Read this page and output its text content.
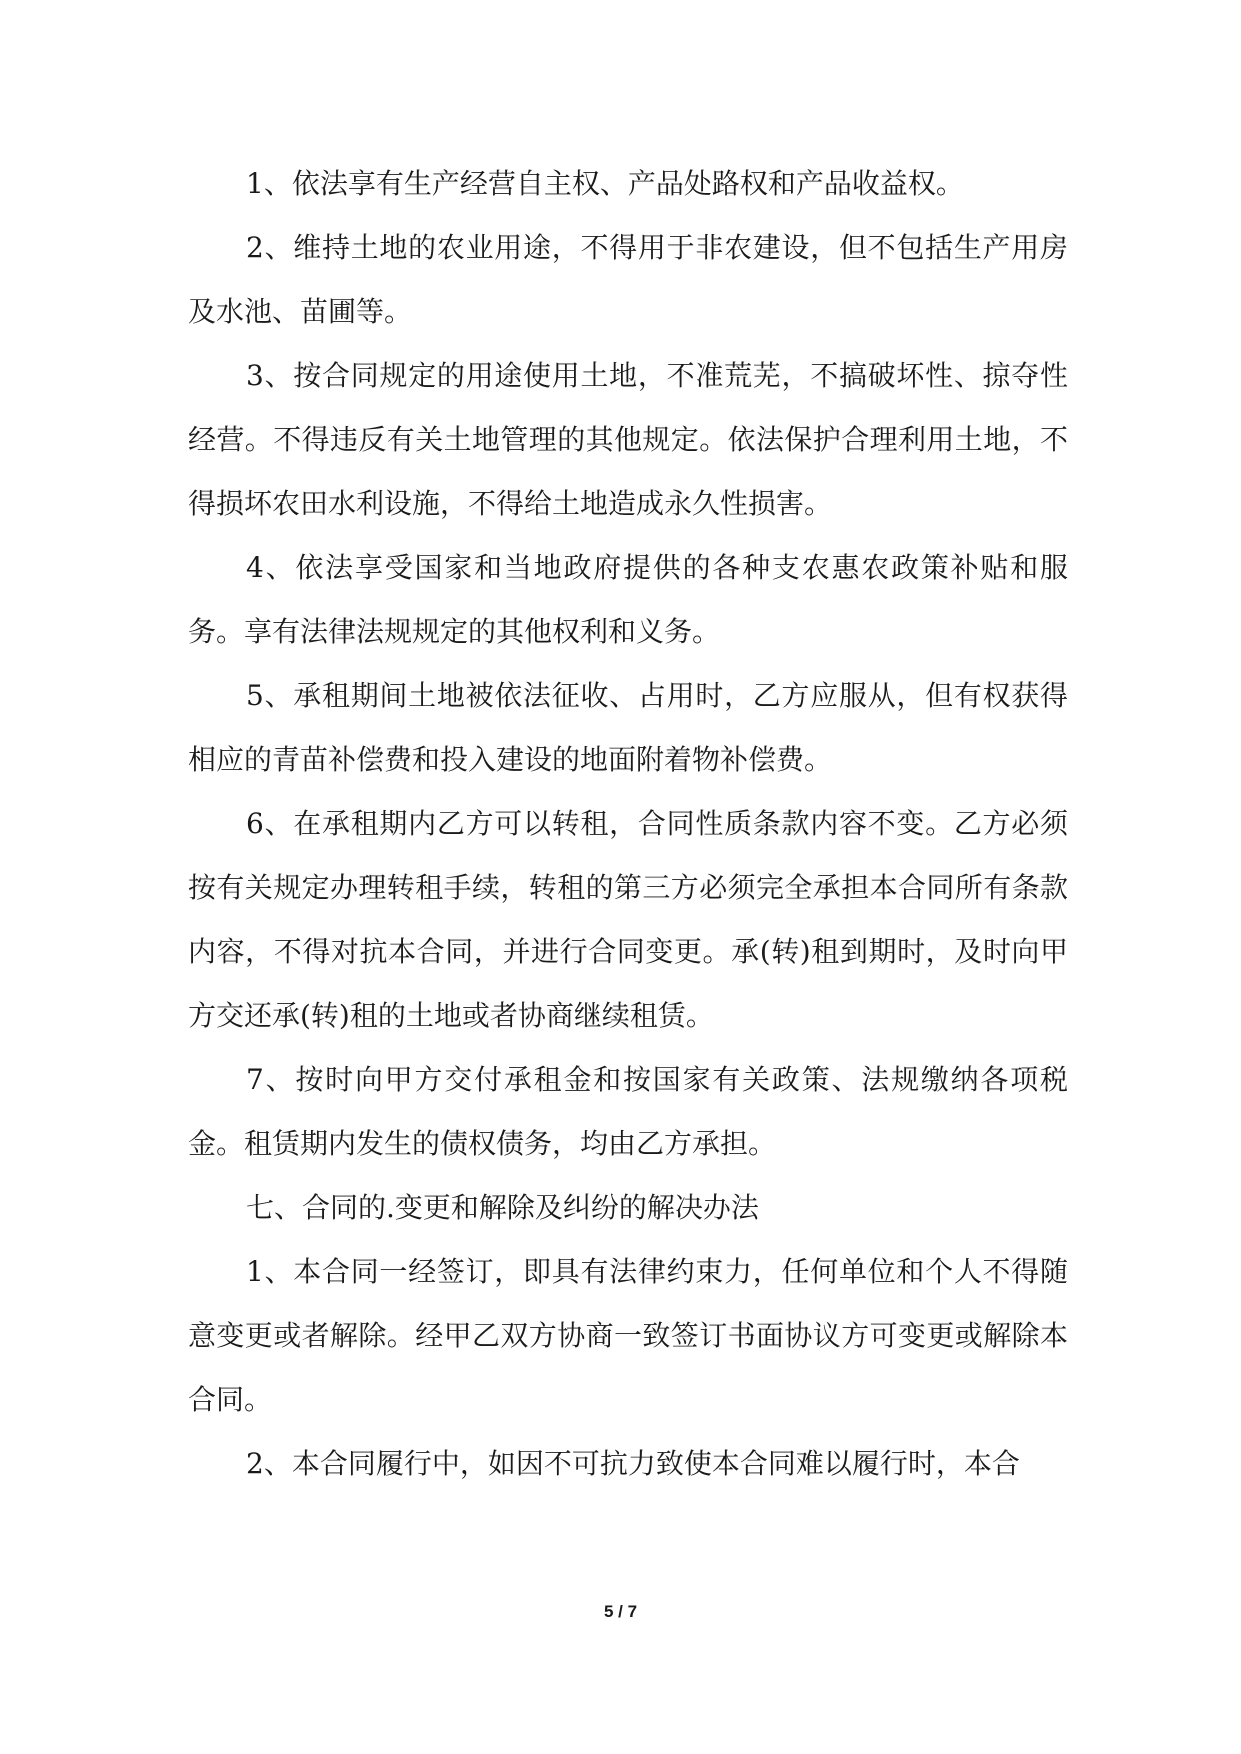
1、依法享有生产经营自主权、产品处路权和产品收益权。

2、维持土地的农业用途，不得用于非农建设，但不包括生产用房及水池、苗圃等。

3、按合同规定的用途使用土地，不准荒芜，不搞破坏性、掠夺性经营。不得违反有关土地管理的其他规定。依法保护合理利用土地，不得损坏农田水利设施，不得给土地造成永久性损害。

4、依法享受国家和当地政府提供的各种支农惠农政策补贴和服务。享有法律法规规定的其他权利和义务。

5、承租期间土地被依法征收、占用时，乙方应服从，但有权获得相应的青苗补偿费和投入建设的地面附着物补偿费。

6、在承租期内乙方可以转租，合同性质条款内容不变。乙方必须按有关规定办理转租手续，转租的第三方必须完全承担本合同所有条款内容，不得对抗本合同，并进行合同变更。承(转)租到期时，及时向甲方交还承(转)租的土地或者协商继续租赁。

7、按时向甲方交付承租金和按国家有关政策、法规缴纳各项税金。租赁期内发生的债权债务，均由乙方承担。

七、合同的.变更和解除及纠纷的解决办法

1、本合同一经签订，即具有法律约束力，任何单位和个人不得随意变更或者解除。经甲乙双方协商一致签订书面协议方可变更或解除本合同。

2、本合同履行中，如因不可抗力致使本合同难以履行时，本合

5 / 7
